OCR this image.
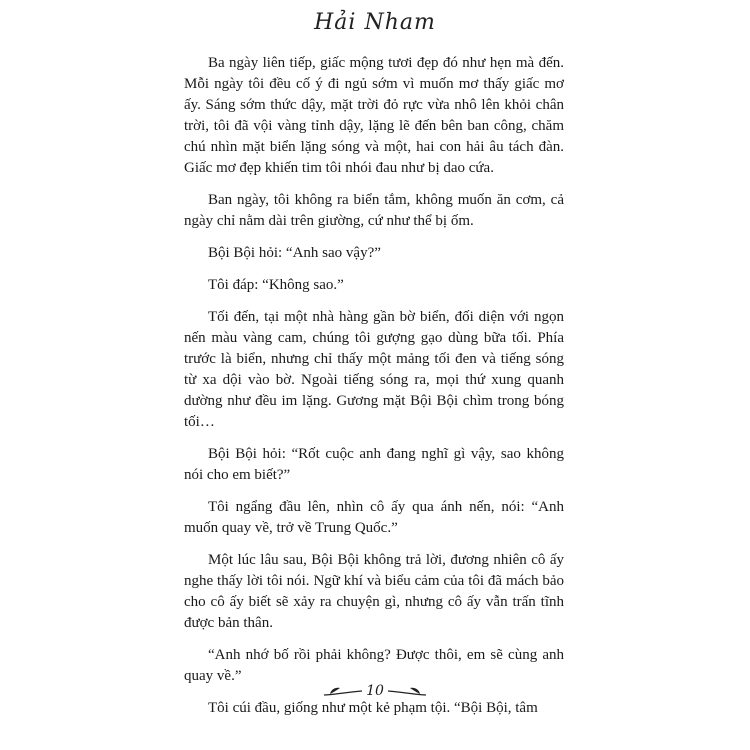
Hải Nham

Ba ngày liên tiếp, giấc mộng tươi đẹp đó như hẹn mà đến. Mỗi ngày tôi đều cố ý đi ngủ sớm vì muốn mơ thấy giấc mơ ấy. Sáng sớm thức dậy, mặt trời đỏ rực vừa nhô lên khỏi chân trời, tôi đã vội vàng tỉnh dậy, lặng lẽ đến bên ban công, chăm chú nhìn mặt biển lặng sóng và một, hai con hải âu tách đàn. Giấc mơ đẹp khiến tim tôi nhói đau như bị dao cứa.

Ban ngày, tôi không ra biển tắm, không muốn ăn cơm, cả ngày chỉ nằm dài trên giường, cứ như thể bị ốm.

Bội Bội hỏi: “Anh sao vậy?”

Tôi đáp: “Không sao.”

Tối đến, tại một nhà hàng gần bờ biển, đối diện với ngọn nến màu vàng cam, chúng tôi gượng gạo dùng bữa tối. Phía trước là biển, nhưng chỉ thấy một mảng tối đen và tiếng sóng từ xa dội vào bờ. Ngoài tiếng sóng ra, mọi thứ xung quanh dường như đều im lặng. Gương mặt Bội Bội chìm trong bóng tối…

Bội Bội hỏi: “Rốt cuộc anh đang nghĩ gì vậy, sao không nói cho em biết?”

Tôi ngẩng đầu lên, nhìn cô ấy qua ánh nến, nói: “Anh muốn quay về, trở về Trung Quốc.”

Một lúc lâu sau, Bội Bội không trả lời, đương nhiên cô ấy nghe thấy lời tôi nói. Ngữ khí và biểu cảm của tôi đã mách bảo cho cô ấy biết sẽ xảy ra chuyện gì, nhưng cô ấy vẫn trấn tĩnh được bản thân.

“Anh nhớ bố rồi phải không? Được thôi, em sẽ cùng anh quay về.”

Tôi cúi đầu, giống như một kẻ phạm tội. “Bội Bội, tâm

10
